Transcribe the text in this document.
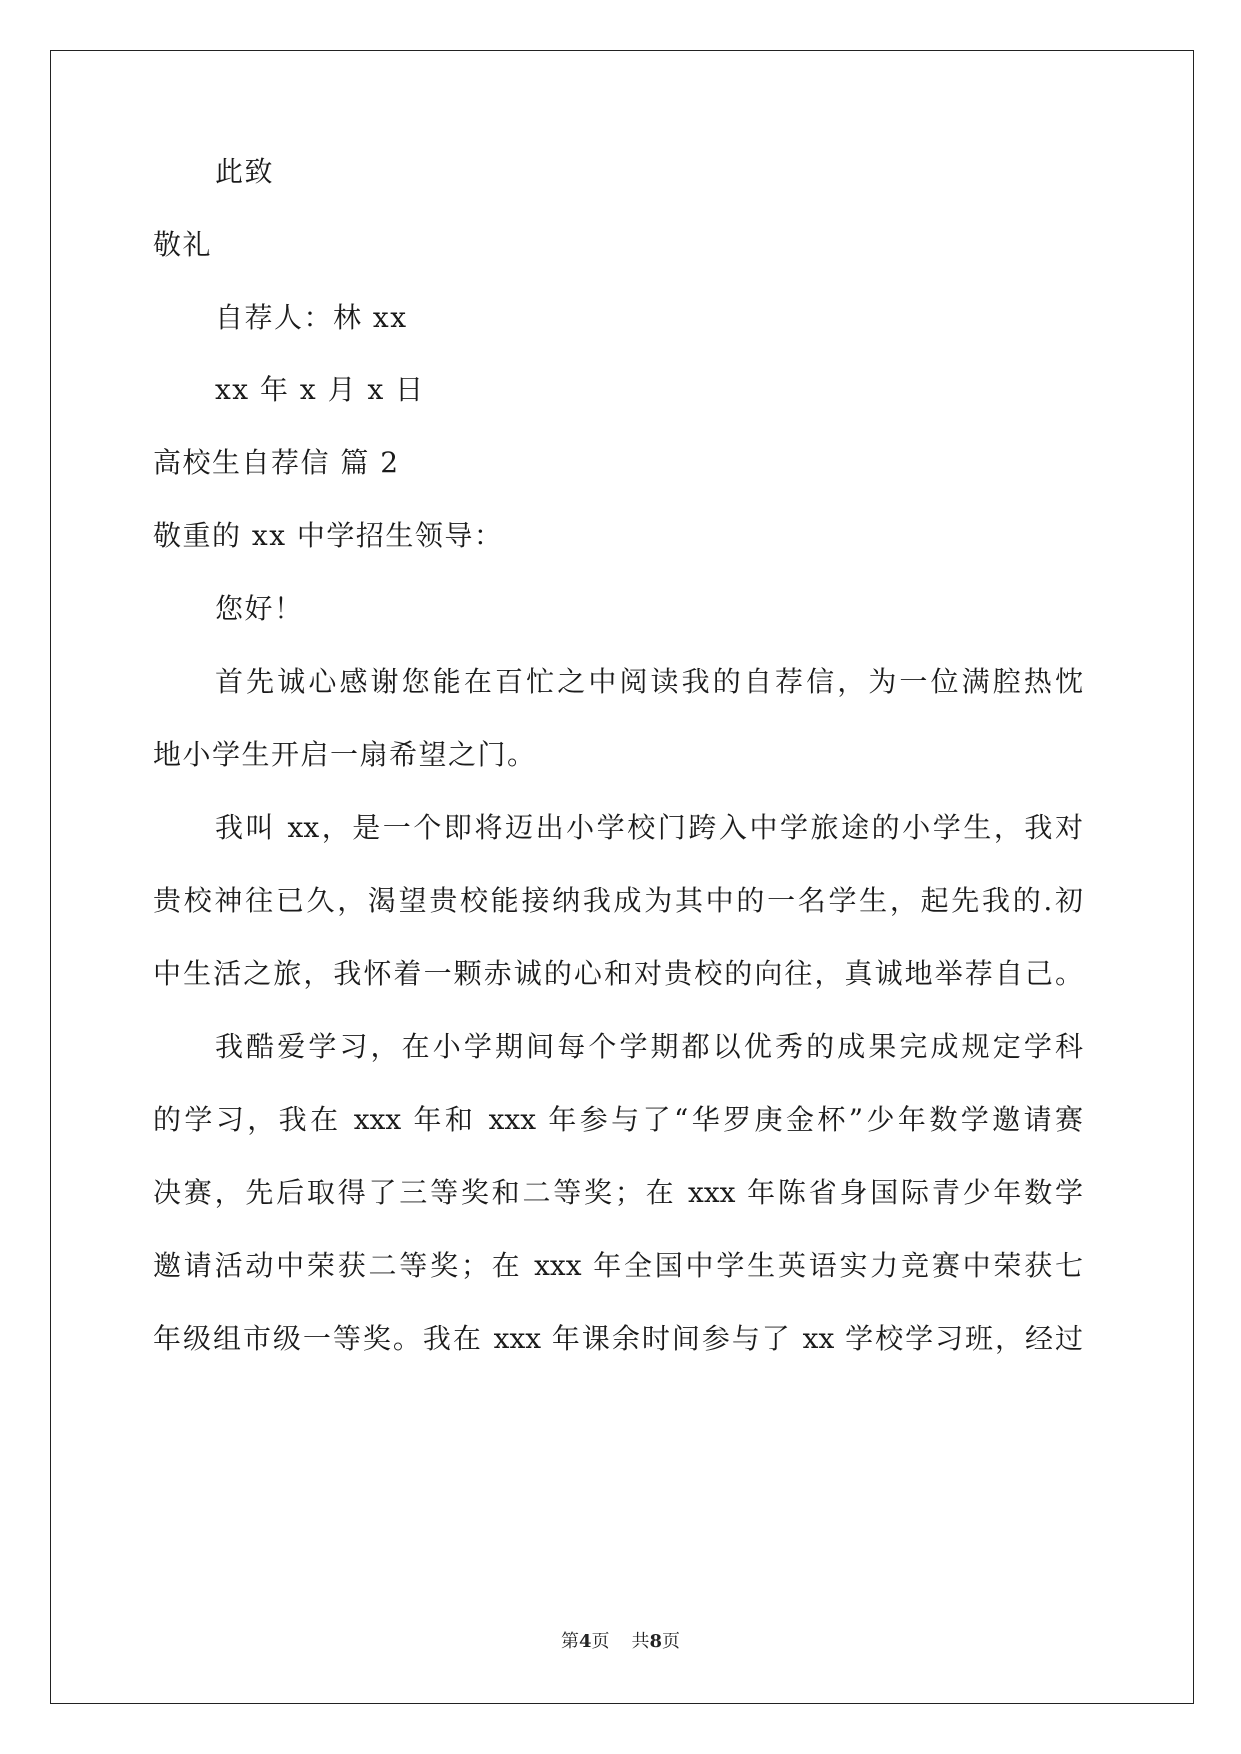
此致
敬礼
自荐人：林 xx
xx 年 x 月 x 日
高校生自荐信 篇 2
敬重的 xx 中学招生领导：
您好！
首先诚心感谢您能在百忙之中阅读我的自荐信，为一位满腔热忱
地小学生开启一扇希望之门。
我叫 xx，是一个即将迈出小学校门跨入中学旅途的小学生，我对
贵校神往已久，渴望贵校能接纳我成为其中的一名学生，起先我的.初
中生活之旅，我怀着一颗赤诚的心和对贵校的向往，真诚地举荐自己。
我酷爱学习，在小学期间每个学期都以优秀的成果完成规定学科
的学习，我在 xxx 年和 xxx 年参与了“华罗庚金杯”少年数学邀请赛
决赛，先后取得了三等奖和二等奖；在 xxx 年陈省身国际青少年数学
邀请活动中荣获二等奖；在 xxx 年全国中学生英语实力竞赛中荣获七
年级组市级一等奖。我在 xxx 年课余时间参与了 xx 学校学习班，经过
第4页 共8页
